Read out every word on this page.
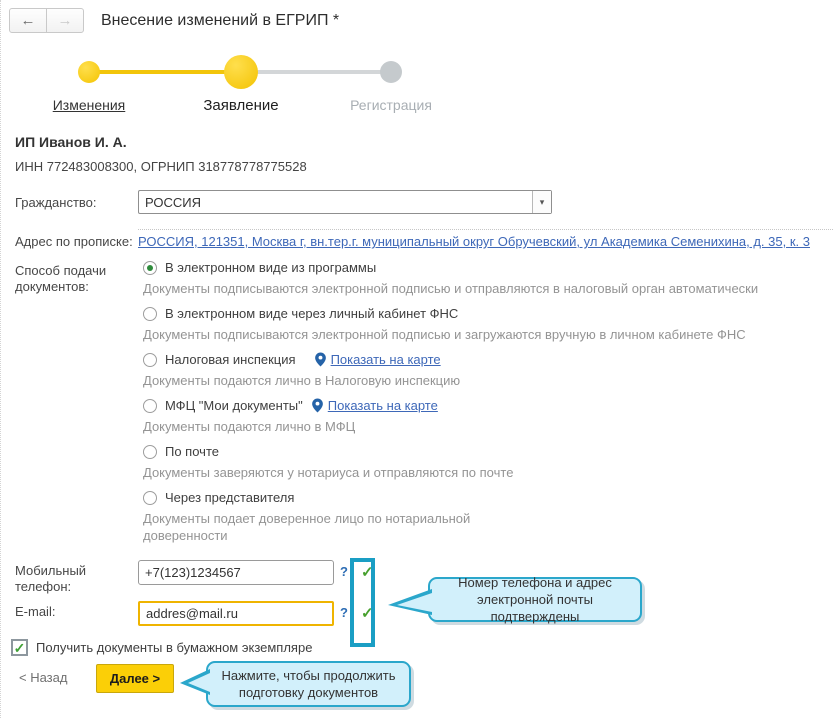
←	→	Внесение изменений в ЕГРИП *
Изменения	Заявление	Регистрация
ИП Иванов И. А.
ИНН 772483008300, ОГРНИП 318778778775528
Гражданство:	РОССИЯ	▾
Адрес по прописке: РОССИЯ, 121351, Москва г, вн.тер.г. муниципальный округ Обручевский, ул Академика Семенихина, д. 35, к. 3
Способ подачи документов:
В электронном виде из программы
Документы подписываются электронной подписью и отправляются в налоговый орган автоматически
В электронном виде через личный кабинет ФНС
Документы подписываются электронной подписью и загружаются вручную в личном кабинете ФНС
Налоговая инспекция	Показать на карте
Документы подаются лично в Налоговую инспекцию
МФЦ "Мои документы" Показать на карте
Документы подаются лично в МФЦ
По почте
Документы заверяются у нотариуса и отправляются по почте
Через представителя
Документы подает доверенное лицо по нотариальной доверенности
Мобильный телефон:
+7(123)1234567
? ✓
E-mail:
addres@mail.ru	? ✓
Номер телефона и адрес электронной почты подтверждены
✓ Получить документы в бумажном экземпляре
< Назад	Далее >	Нажмите, чтобы продолжить подготовку документов
